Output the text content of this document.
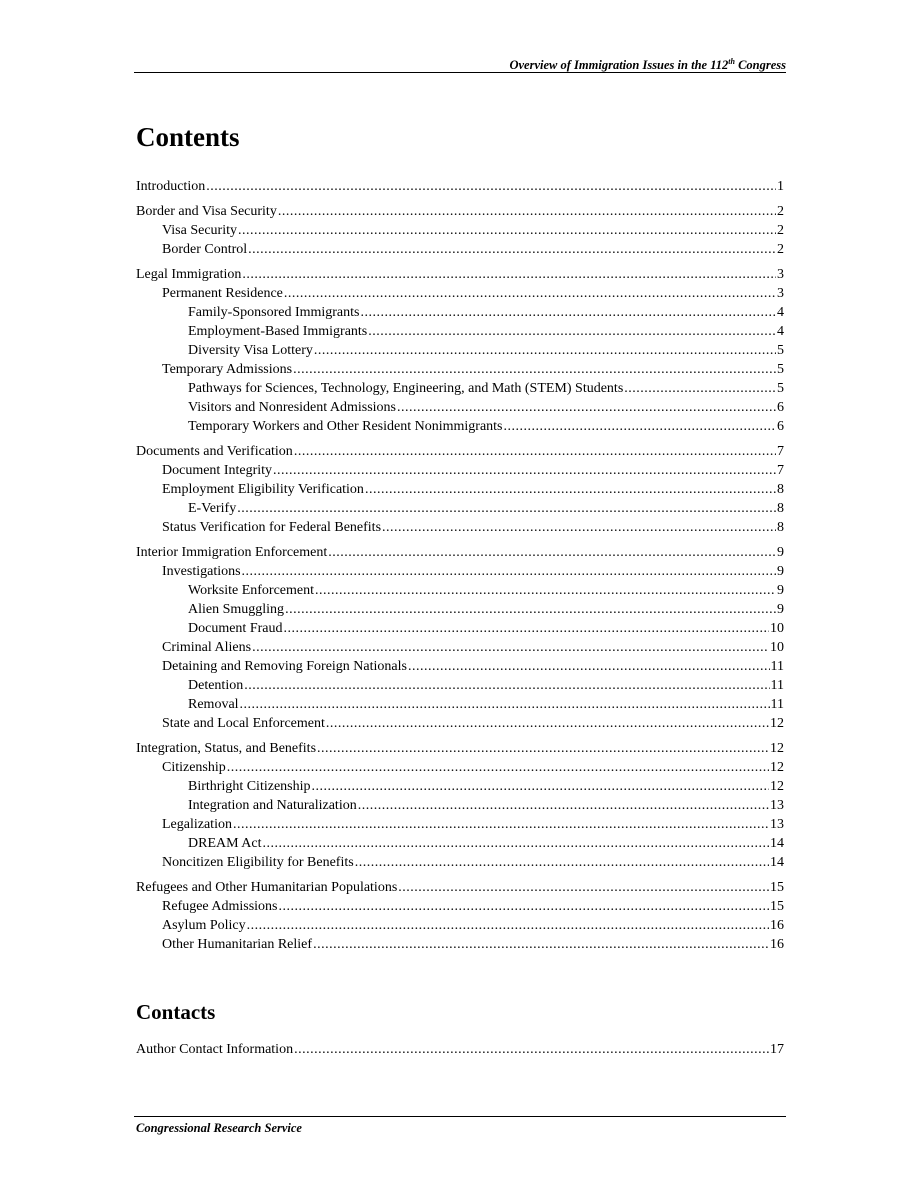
Overview of Immigration Issues in the 112th Congress
Contents
Introduction .....	1
Border and Visa Security .....	2
Visa Security .....	2
Border Control .....	2
Legal Immigration .....	3
Permanent Residence .....	3
Family-Sponsored Immigrants .....	4
Employment-Based Immigrants .....	4
Diversity Visa Lottery .....	5
Temporary Admissions .....	5
Pathways for Sciences, Technology, Engineering, and Math (STEM) Students .....	5
Visitors and Nonresident Admissions .....	6
Temporary Workers and Other Resident Nonimmigrants .....	6
Documents and Verification .....	7
Document Integrity .....	7
Employment Eligibility Verification .....	8
E-Verify .....	8
Status Verification for Federal Benefits .....	8
Interior Immigration Enforcement .....	9
Investigations .....	9
Worksite Enforcement .....	9
Alien Smuggling .....	9
Document Fraud .....	10
Criminal Aliens .....	10
Detaining and Removing Foreign Nationals .....	11
Detention .....	11
Removal .....	11
State and Local Enforcement .....	12
Integration, Status, and Benefits .....	12
Citizenship .....	12
Birthright Citizenship .....	12
Integration and Naturalization .....	13
Legalization .....	13
DREAM Act .....	14
Noncitizen Eligibility for Benefits .....	14
Refugees and Other Humanitarian Populations .....	15
Refugee Admissions .....	15
Asylum Policy .....	16
Other Humanitarian Relief .....	16
Contacts
Author Contact Information .....	17
Congressional Research Service
